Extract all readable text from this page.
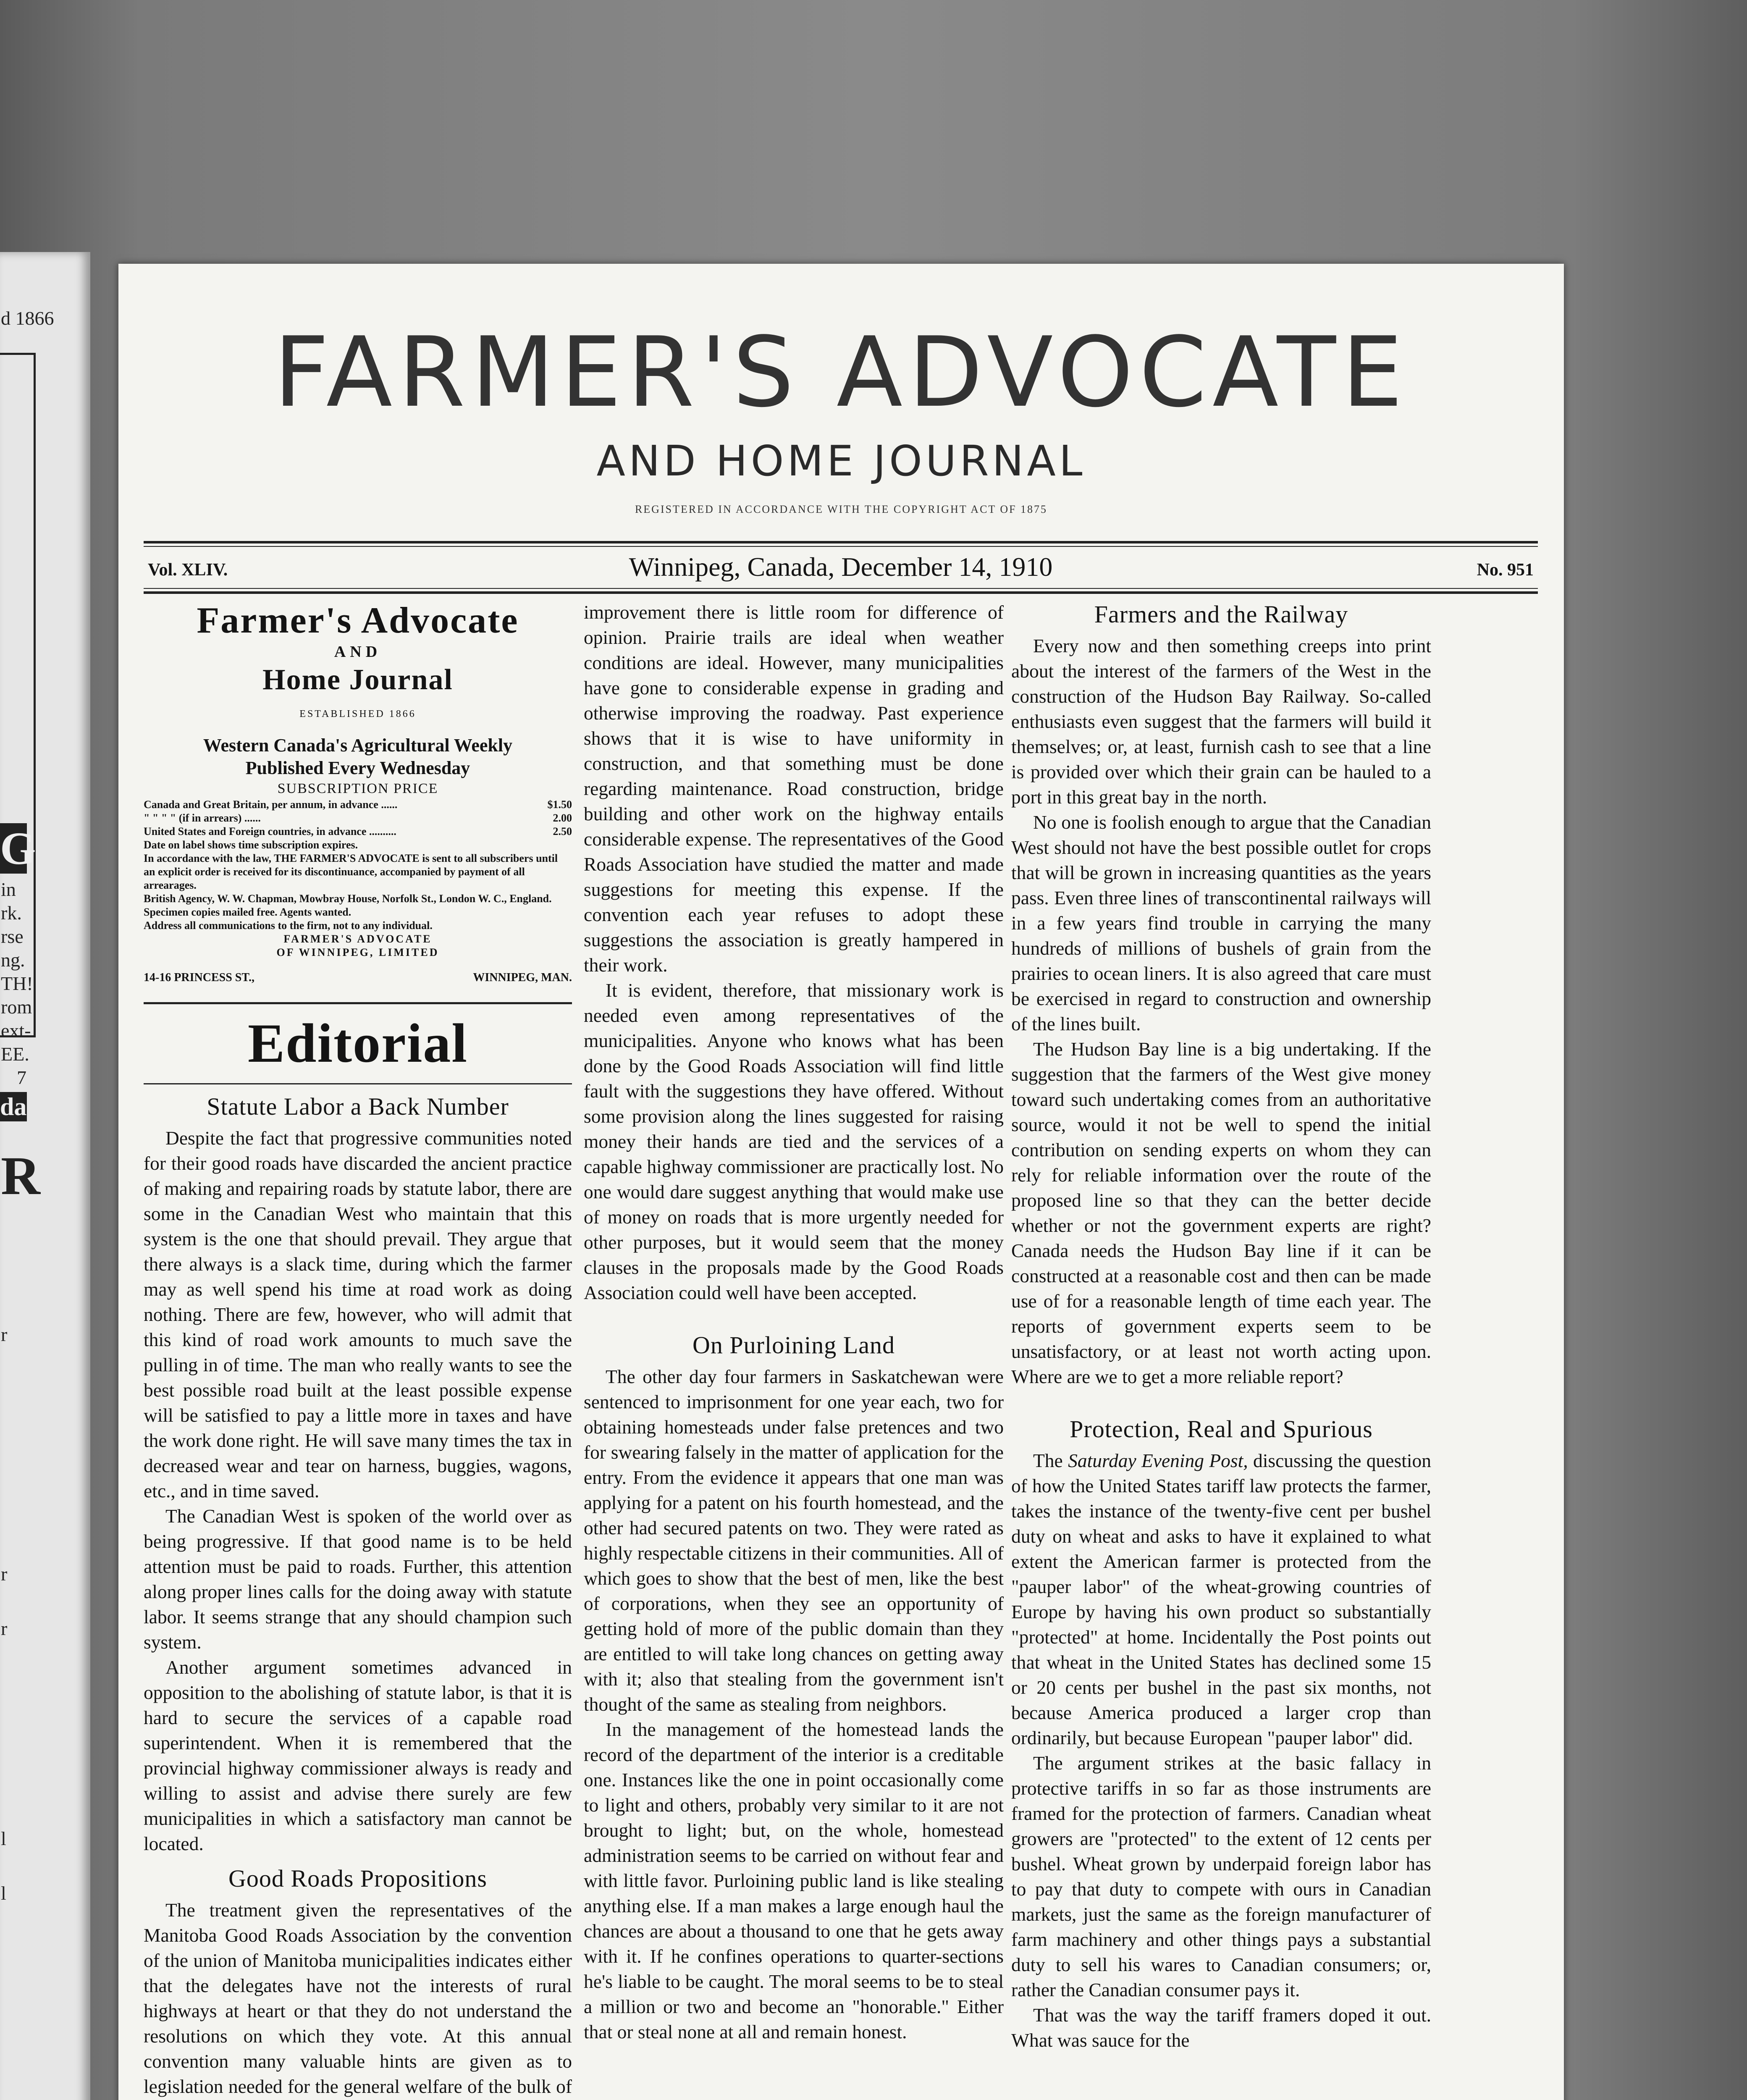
d 1866
G
in
rk.
rse
ng.
TH!
rom
ext-
EE.
7
da
R
r
r
r
l
l
FARMER'S ADVOCATE
AND HOME JOURNAL
REGISTERED IN ACCORDANCE WITH THE COPYRIGHT ACT OF 1875
Vol. XLIV.	Winnipeg, Canada, December 14, 1910	No. 951
Farmer's Advocate
AND
Home Journal
ESTABLISHED 1866
Western Canada's Agricultural Weekly
Published Every Wednesday
SUBSCRIPTION PRICE
Canada and Great Britain, per annum, in advance ......	$1.50
" " " " (if in arrears) ......	2.00
United States and Foreign countries, in advance ..........	2.50
Date on label shows time subscription expires.
In accordance with the law, THE FARMER'S ADVOCATE is sent to all subscribers until an explicit order is received for its discontinuance, accompanied by payment of all arrearages.
British Agency, W. W. Chapman, Mowbray House, Norfolk St., London W. C., England.
Specimen copies mailed free. Agents wanted.
Address all communications to the firm, not to any individual.
FARMER'S ADVOCATE
OF WINNIPEG, LIMITED
14-16 PRINCESS ST.,	WINNIPEG, MAN.
Editorial
Statute Labor a Back Number

Despite the fact that progressive communities noted for their good roads have discarded the ancient practice of making and repairing roads by statute labor, there are some in the Canadian West who maintain that this system is the one that should prevail. They argue that there always is a slack time, during which the farmer may as well spend his time at road work as doing nothing. There are few, however, who will admit that this kind of road work amounts to much save the pulling in of time. The man who really wants to see the best possible road built at the least possible expense will be satisfied to pay a little more in taxes and have the work done right. He will save many times the tax in decreased wear and tear on harness, buggies, wagons, etc., and in time saved.

The Canadian West is spoken of the world over as being progressive. If that good name is to be held attention must be paid to roads. Further, this attention along proper lines calls for the doing away with statute labor. It seems strange that any should champion such system.

Another argument sometimes advanced in opposition to the abolishing of statute labor, is that it is hard to secure the services of a capable road superintendent. When it is remembered that the provincial highway commissioner always is ready and willing to assist and advise there surely are few municipalities in which a satisfactory man cannot be located.

Good Roads Propositions

The treatment given the representatives of the Manitoba Good Roads Association by the convention of the union of Manitoba municipalities indicates either that the delegates have not the interests of rural highways at heart or that they do not understand the resolutions on which they vote. At this annual convention many valuable hints are given as to legislation needed for the general welfare of the bulk of

improvement there is little room for difference of opinion. Prairie trails are ideal when weather conditions are ideal. However, many municipalities have gone to considerable expense in grading and otherwise improving the roadway. Past experience shows that it is wise to have uniformity in construction, and that something must be done regarding maintenance. Road construction, bridge building and other work on the highway entails considerable expense. The representatives of the Good Roads Association have studied the matter and made suggestions for meeting this expense. If the convention each year refuses to adopt these suggestions the association is greatly hampered in their work.

It is evident, therefore, that missionary work is needed even among representatives of the municipalities. Anyone who knows what has been done by the Good Roads Association will find little fault with the suggestions they have offered. Without some provision along the lines suggested for raising money their hands are tied and the services of a capable highway commissioner are practically lost. No one would dare suggest anything that would make use of money on roads that is more urgently needed for other purposes, but it would seem that the money clauses in the proposals made by the Good Roads Association could well have been accepted.

On Purloining Land

The other day four farmers in Saskatchewan were sentenced to imprisonment for one year each, two for obtaining homesteads under false pretences and two for swearing falsely in the matter of application for the entry. From the evidence it appears that one man was applying for a patent on his fourth homestead, and the other had secured patents on two. They were rated as highly respectable citizens in their communities. All of which goes to show that the best of men, like the best of corporations, when they see an opportunity of getting hold of more of the public domain than they are entitled to will take long chances on getting away with it; also that stealing from the government isn't thought of the same as stealing from neighbors.

In the management of the homestead lands the record of the department of the interior is a creditable one. Instances like the one in point occasionally come to light and others, probably very similar to it are not brought to light; but, on the whole, homestead administration seems to be carried on without fear and with little favor. Purloining public land is like stealing anything else. If a man makes a large enough haul the chances are about a thousand to one that he gets away with it. If he confines operations to quarter-sections he's liable to be caught. The moral seems to be to steal a million or two and become an "honorable." Either that or steal none at all and remain honest.

Farmers and the Railway

Every now and then something creeps into print about the interest of the farmers of the West in the construction of the Hudson Bay Railway. So-called enthusiasts even suggest that the farmers will build it themselves; or, at least, furnish cash to see that a line is provided over which their grain can be hauled to a port in this great bay in the north.

No one is foolish enough to argue that the Canadian West should not have the best possible outlet for crops that will be grown in increasing quantities as the years pass. Even three lines of transcontinental railways will in a few years find trouble in carrying the many hundreds of millions of bushels of grain from the prairies to ocean liners. It is also agreed that care must be exercised in regard to construction and ownership of the lines built.

The Hudson Bay line is a big undertaking. If the suggestion that the farmers of the West give money toward such undertaking comes from an authoritative source, would it not be well to spend the initial contribution on sending experts on whom they can rely for reliable information over the route of the proposed line so that they can the better decide whether or not the government experts are right? Canada needs the Hudson Bay line if it can be constructed at a reasonable cost and then can be made use of for a reasonable length of time each year. The reports of government experts seem to be unsatisfactory, or at least not worth acting upon. Where are we to get a more reliable report?

Protection, Real and Spurious

The Saturday Evening Post, discussing the question of how the United States tariff law protects the farmer, takes the instance of the twenty-five cent per bushel duty on wheat and asks to have it explained to what extent the American farmer is protected from the "pauper labor" of the wheat-growing countries of Europe by having his own product so substantially "protected" at home. Incidentally the Post points out that wheat in the United States has declined some 15 or 20 cents per bushel in the past six months, not because America produced a larger crop than ordinarily, but because European "pauper labor" did.

The argument strikes at the basic fallacy in protective tariffs in so far as those instruments are framed for the protection of farmers. Canadian wheat growers are "protected" to the extent of 12 cents per bushel. Wheat grown by underpaid foreign labor has to pay that duty to compete with ours in Canadian markets, just the same as the foreign manufacturer of farm machinery and other things pays a substantial duty to sell his wares to Canadian consumers; or, rather the Canadian consumer pays it.

That was the way the tariff framers doped it out. What was sauce for the
